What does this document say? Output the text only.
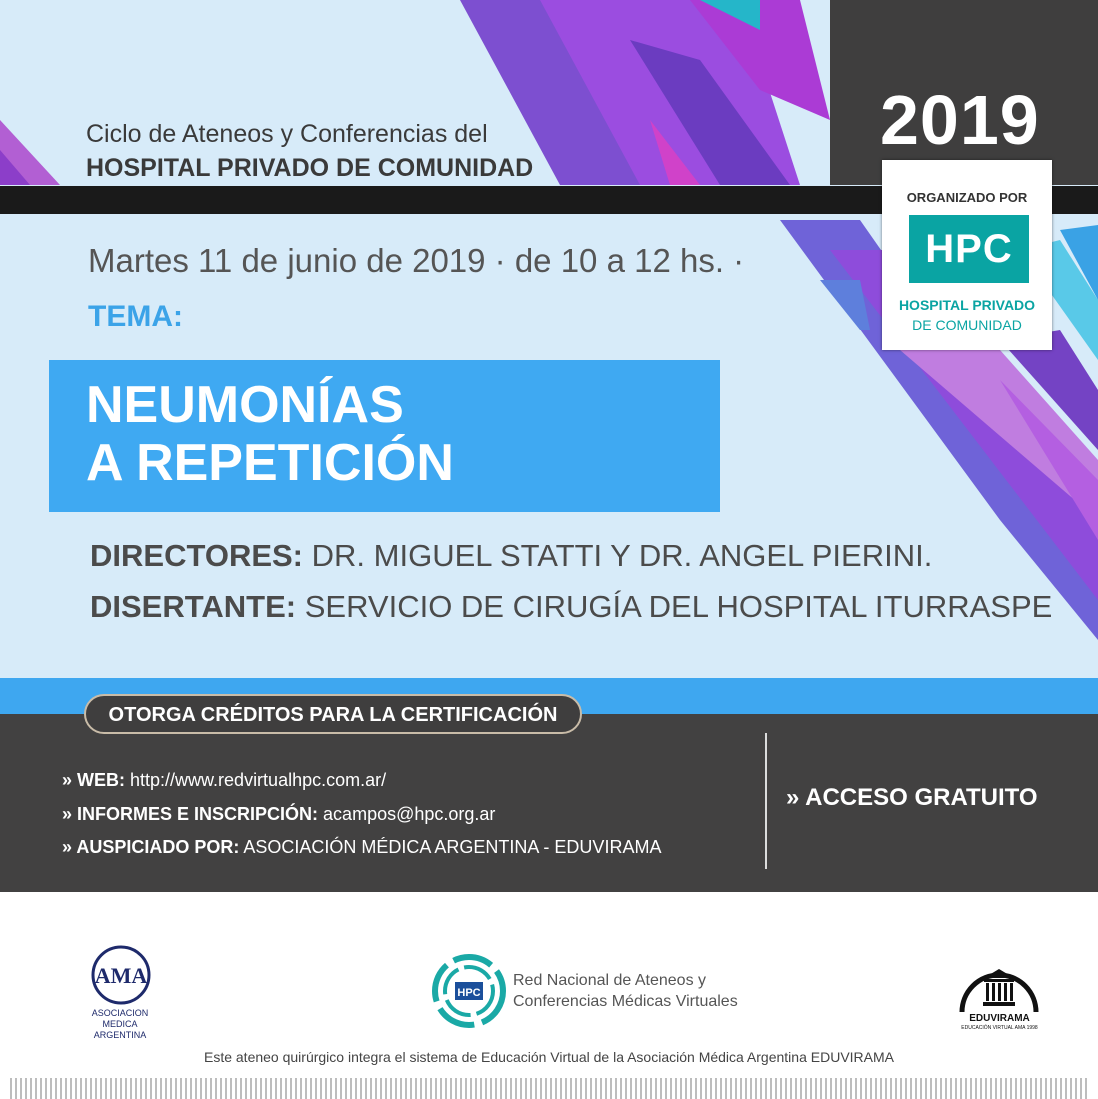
2019
Ciclo de Ateneos y Conferencias del
HOSPITAL PRIVADO DE COMUNIDAD
ORGANIZADO POR
HPC
HOSPITAL PRIVADO
DE COMUNIDAD
Martes 11 de junio de 2019 · de 10 a 12 hs. ·
TEMA:
NEUMONÍAS
A REPETICIÓN
DIRECTORES: DR. MIGUEL STATTI Y DR. ANGEL PIERINI.
DISERTANTE: SERVICIO DE CIRUGÍA DEL HOSPITAL ITURRASPE
OTORGA CRÉDITOS PARA LA CERTIFICACIÓN
» WEB: http://www.redvirtualhpc.com.ar/
» INFORMES E INSCRIPCIÓN: acampos@hpc.org.ar
» AUSPICIADO POR: ASOCIACIÓN MÉDICA ARGENTINA - EDUVIRAMA
» ACCESO GRATUITO
AMA
ASOCIACION
MEDICA
ARGENTINA
HPC
Red Nacional de Ateneos y
Conferencias Médicas Virtuales
EDUVIRAMA
EDUCACIÓN VIRTUAL AMA 1998
Este ateneo quirúrgico integra el sistema de Educación Virtual de la Asociación Médica Argentina EDUVIRAMA
